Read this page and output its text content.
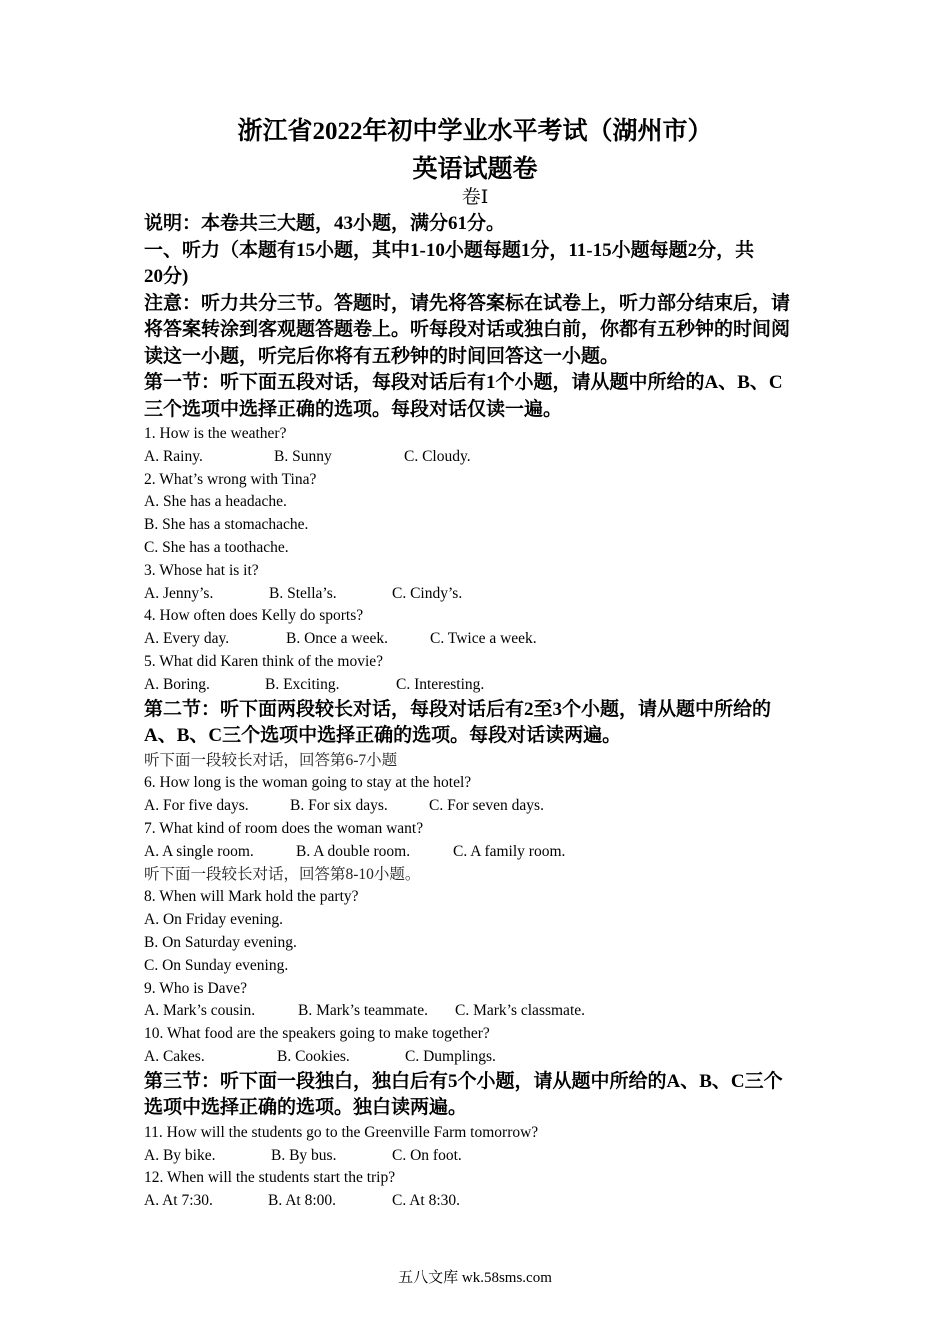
浙江省2022年初中学业水平考试（湖州市）
英语试题卷
卷Ⅰ

说明：本卷共三大题，43小题，满分61分。

一、听力（本题有15小题，其中1-10小题每题1分，11-15小题每题2分，共

20分)

注意：听力共分三节。答题时，请先将答案标在试卷上，听力部分结束后，请

将答案转涂到客观题答题卷上。听每段对话或独白前，你都有五秒钟的时间阅

读这一小题，听完后你将有五秒钟的时间回答这一小题。

第一节：听下面五段对话，每段对话后有1个小题，请从题中所给的A、B、C

三个选项中选择正确的选项。每段对话仅读一遍。

1. How is the weather?

A. Rainy.	B. Sunny	C. Cloudy.

2. What’s wrong with Tina?

A. She has a headache.

B. She has a stomachache.

C. She has a toothache.

3. Whose hat is it?

A. Jenny’s.	B. Stella’s.	C. Cindy’s.

4. How often does Kelly do sports?

A. Every day.	B. Once a week.	C. Twice a week.

5. What did Karen think of the movie?

A. Boring.	B. Exciting.	C. Interesting.

第二节：听下面两段较长对话，每段对话后有2至3个小题，请从题中所给的

A、B、C三个选项中选择正确的选项。每段对话读两遍。

听下面一段较长对话，回答第6-7小题

6. How long is the woman going to stay at the hotel?

A. For five days.	B. For six days.	C. For seven days.

7. What kind of room does the woman want?

A. A single room.	B. A double room.	C. A family room.

听下面一段较长对话，回答第8-10小题。

8. When will Mark hold the party?

A. On Friday evening.

B. On Saturday evening.

C. On Sunday evening.

9. Who is Dave?

A. Mark’s cousin.	B. Mark’s teammate. C. Mark’s classmate.

10. What food are the speakers going to make together?

A. Cakes.	B. Cookies.	C. Dumplings.

第三节：听下面一段独白，独白后有5个小题，请从题中所给的A、B、C三个

选项中选择正确的选项。独白读两遍。

11. How will the students go to the Greenville Farm tomorrow?

A. By bike.	B. By bus.	C. On foot.

12. When will the students start the trip?

A. At 7:30.	B. At 8:00.	C. At 8:30.

五八文库 wk.58sms.com
